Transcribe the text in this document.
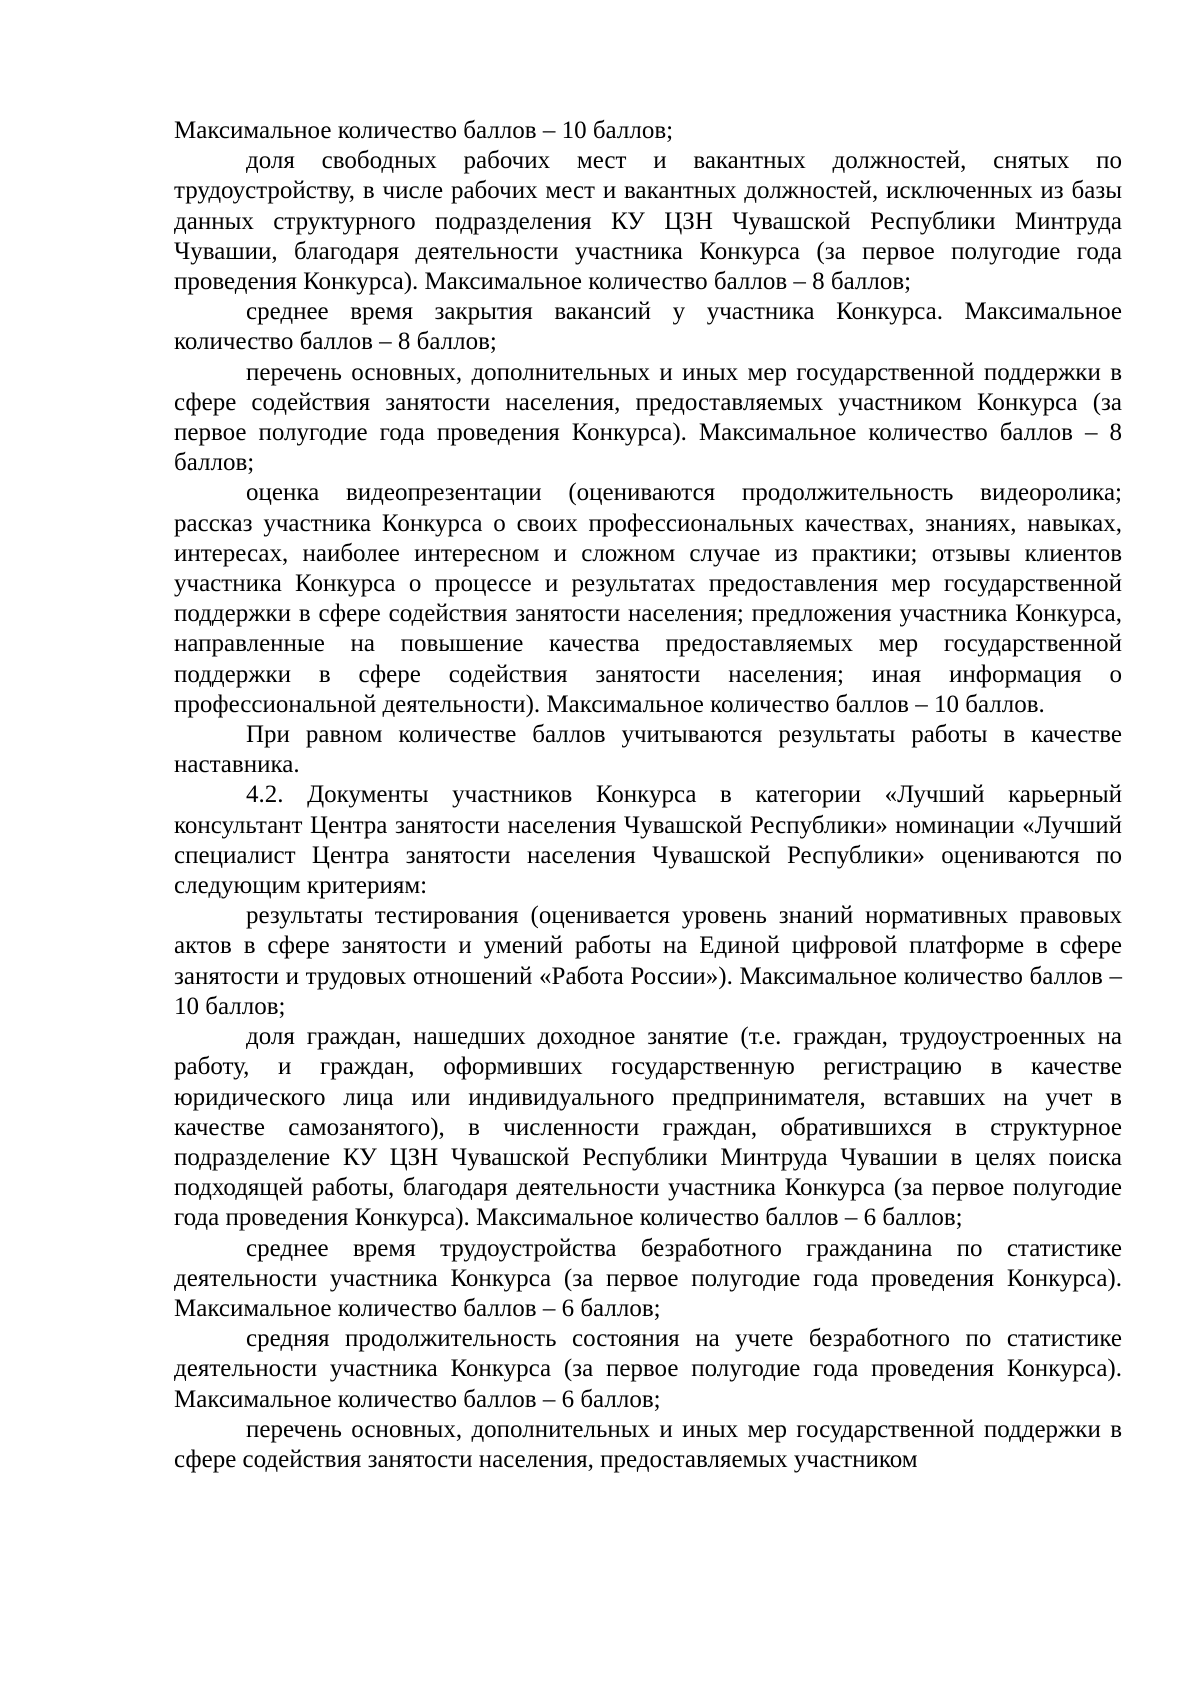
Максимальное количество баллов – 10 баллов;

доля свободных рабочих мест и вакантных должностей, снятых по трудоустройству, в числе рабочих мест и вакантных должностей, исключенных из базы данных структурного подразделения КУ ЦЗН Чувашской Республики Минтруда Чувашии, благодаря деятельности участника Конкурса (за первое полугодие года проведения Конкурса). Максимальное количество баллов – 8 баллов;

среднее время закрытия вакансий у участника Конкурса. Максимальное количество баллов – 8 баллов;

перечень основных, дополнительных и иных мер государственной поддержки в сфере содействия занятости населения, предоставляемых участником Конкурса (за первое полугодие года проведения Конкурса). Максимальное количество баллов – 8 баллов;

оценка видеопрезентации (оцениваются продолжительность видеоролика; рассказ участника Конкурса о своих профессиональных качествах, знаниях, навыках, интересах, наиболее интересном и сложном случае из практики; отзывы клиентов участника Конкурса о процессе и результатах предоставления мер государственной поддержки в сфере содействия занятости населения; предложения участника Конкурса, направленные на повышение качества предоставляемых мер государственной поддержки в сфере содействия занятости населения; иная информация о профессиональной деятельности). Максимальное количество баллов – 10 баллов.

При равном количестве баллов учитываются результаты работы в качестве наставника.

4.2. Документы участников Конкурса в категории «Лучший карьерный консультант Центра занятости населения Чувашской Республики» номинации «Лучший специалист Центра занятости населения Чувашской Республики» оцениваются по следующим критериям:

результаты тестирования (оценивается уровень знаний нормативных правовых актов в сфере занятости и умений работы на Единой цифровой платформе в сфере занятости и трудовых отношений «Работа России»). Максимальное количество баллов – 10 баллов;

доля граждан, нашедших доходное занятие (т.е. граждан, трудоустроенных на работу, и граждан, оформивших государственную регистрацию в качестве юридического лица или индивидуального предпринимателя, вставших на учет в качестве самозанятого), в численности граждан, обратившихся в структурное подразделение КУ ЦЗН Чувашской Республики Минтруда Чувашии в целях поиска подходящей работы, благодаря деятельности участника Конкурса (за первое полугодие года проведения Конкурса). Максимальное количество баллов – 6 баллов;

среднее время трудоустройства безработного гражданина по статистике деятельности участника Конкурса (за первое полугодие года проведения Конкурса). Максимальное количество баллов – 6 баллов;

средняя продолжительность состояния на учете безработного по статистике деятельности участника Конкурса (за первое полугодие года проведения Конкурса). Максимальное количество баллов – 6 баллов;

перечень основных, дополнительных и иных мер государственной поддержки в сфере содействия занятости населения, предоставляемых участником
